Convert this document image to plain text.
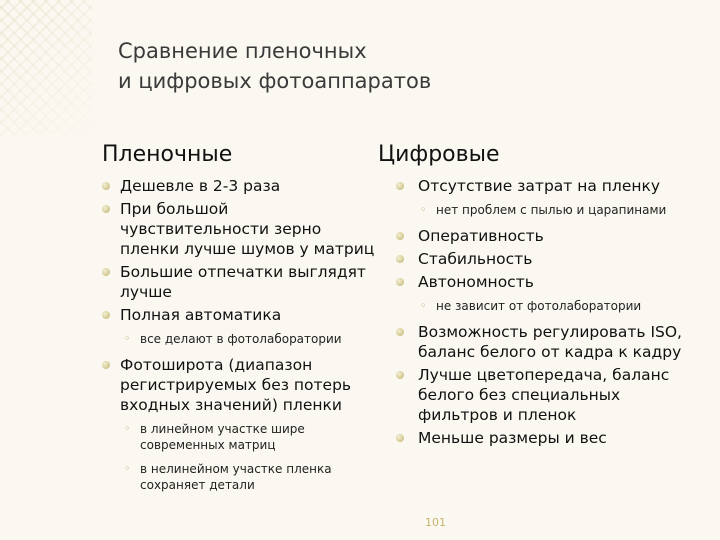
Сравнение пленочных
и цифровых фотоаппаратов
Пленочные
Дешевле в 2-3 раза
При большой чувствительности зерно пленки лучше шумов у матриц
Большие отпечатки выглядят лучше
Полная автоматика
◦ все делают в фотолаборатории
Фотоширота (диапазон регистрируемых без потерь входных значений) пленки
◦ в линейном участке шире современных матриц
◦ в нелинейном участке пленка сохраняет детали
Цифровые
Отсутствие затрат на пленку
◦ нет проблем с пылью и царапинами
Оперативность
Стабильность
Автономность
◦ не зависит от фотолаборатории
Возможность регулировать ISO, баланс белого от кадра к кадру
Лучше цветопередача, баланс белого без специальных фильтров и пленок
Меньше размеры и вес
101
